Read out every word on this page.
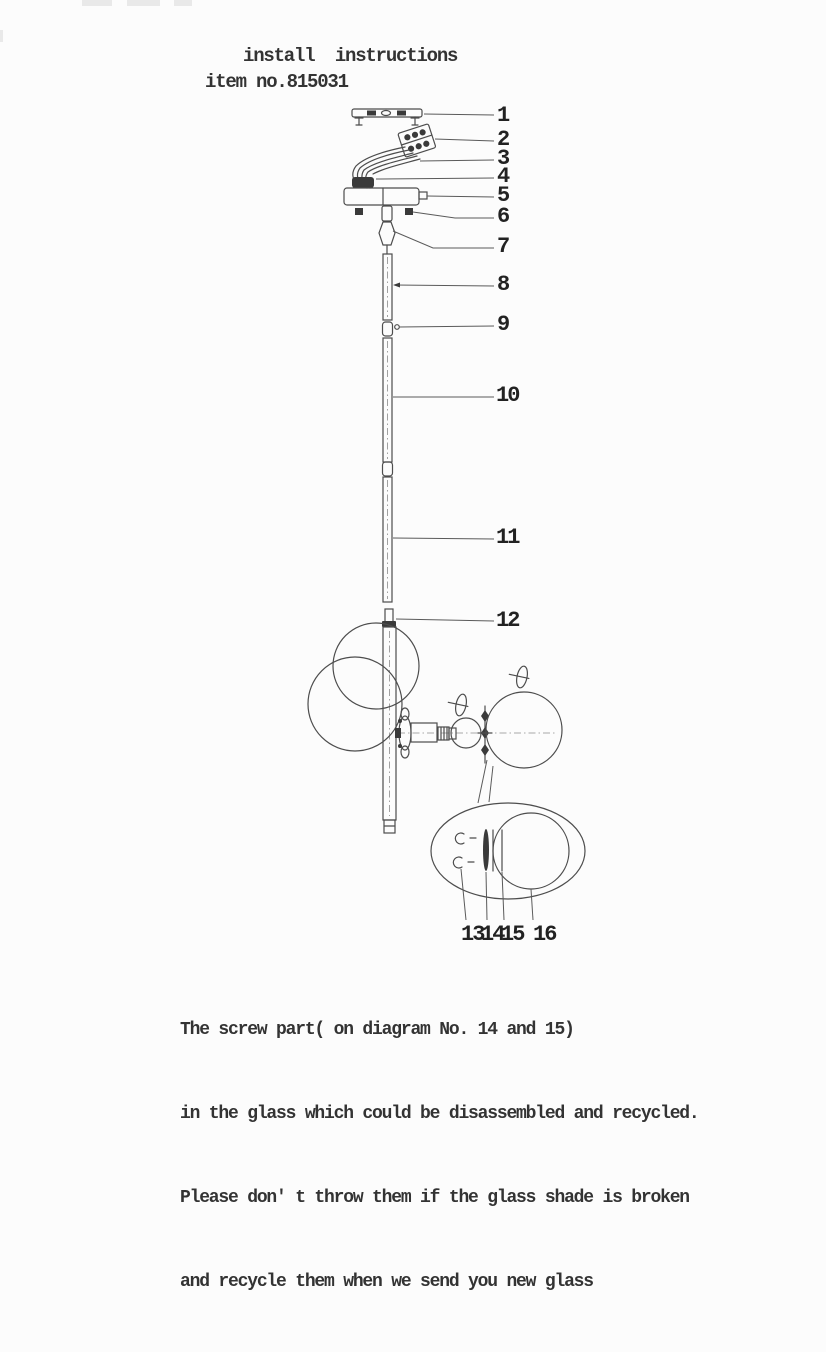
install  instructions
item no.815031
1
2
3
4
5
6
7
8
9
10
11
12
13
14
15 16

The screw part( on diagram No. 14 and 15)

in the glass which could be disassembled and recycled.

Please don' t throw them if the glass shade is broken

and recycle them when we send you new glass
